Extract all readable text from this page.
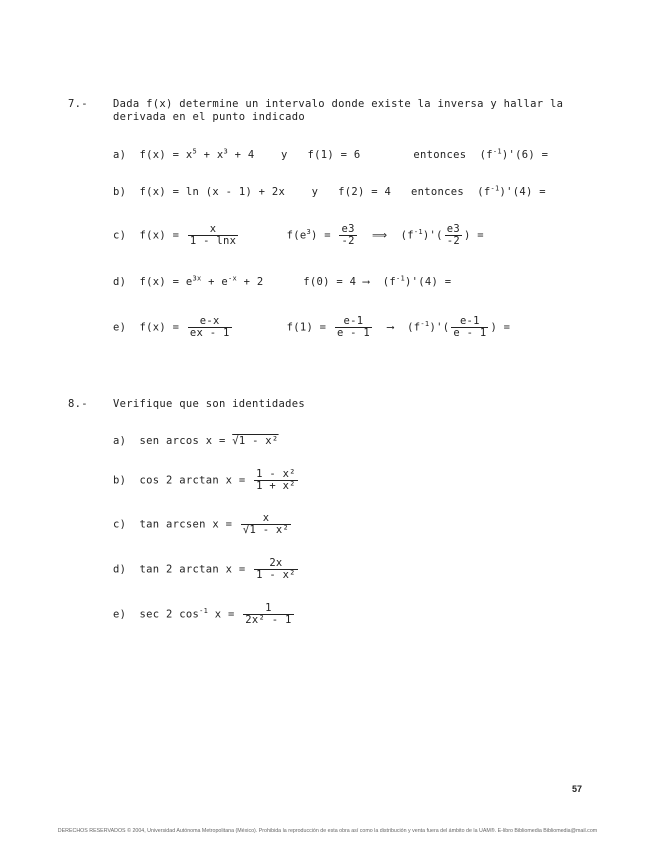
7.- Dada f(x) determine un intervalo donde existe la inversa y hallar la
derivada en el punto indicado
a) $f(x) = x^5 + x^3 + 4$    y   f(1) = 6        entonces  $(f^{-1})'(6)$ =
b) f(x) = ln (x - 1) + 2x    y   f(2) = 4   entonces  $(f^{-1})'(4)$ =
c) $f(x) = \frac{x}{1 - \ln x}$	$f(e^3) = \frac{e3}{-2}$ ⟹ $(f^{-1})'( \frac{e3}{-2}$ ) =
d) $f(x) = e^{3x} + e^{-x} + 2$      f(0) = 4 ⟶ $(f^{-1})'(4)$ =
e) $f(x) = \frac{e-x}{ex - 1}$	$f(1) = \frac{e-1}{e - 1}$ ⟶ $(f^{-1})'( \frac{e-1}{e - 1}$ ) =
8.- Verifique que son identidades
a) sen arcos x = √1 - x²
b) cos 2 $\arctan x = \frac{\text{1 - x²}}{\text{1 + x²}}$
c) tan arcsen $x = \frac{x}{\text{√1 - x²}}$
d) tan 2 $\arctan x = \frac{2x}{\text{1 - x²}}$
e) sec 2 $\cos^{-1} x = \frac{1}{\text{2x² - 1}}$
57
DERECHOS RESERVADOS © 2004, Universidad Autónoma Metropolitana (México). Prohibida la reproducción de esta obra así como la distribución y venta fuera del ámbito de la UAM®. E-libro Bibliomedia Bibliomedia@mail.com
